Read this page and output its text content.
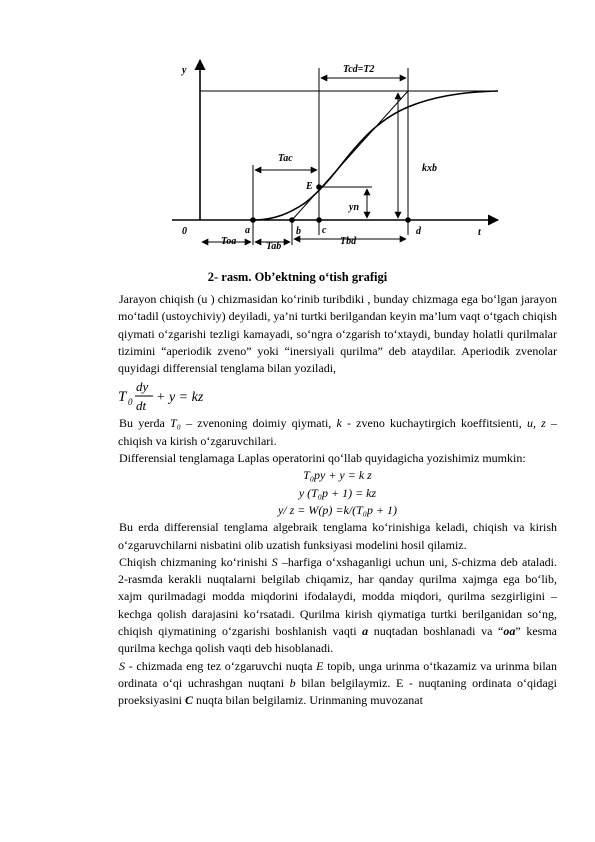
y
t
0
Tcd=T2
Tac
kxb
E
yn
a	b c	d
Toa	Tab	Tbd
2- rasm. Ob’ektning o‘tish grafigi

Jarayon chiqish (u ) chizmasidan ko‘rinib turibdiki , bunday chizmaga ega bo‘lgan jarayon mo‘tadil (ustoychiviy) deyiladi, ya’ni turtki berilgandan keyin ma’lum vaqt o‘tgach chiqish qiymati o‘zgarishi tezligi kamayadi, so‘ngra o‘zgarish to‘xtaydi, bunday holatli qurilmalar tizimini “aperiodik zveno” yoki “inersiyali qurilma” deb ataydilar. Aperiodik zvenolar quyidagi differensial tenglama bilan yoziladi,

T 0
dy
dt
+ y = kz

Bu yerda T₀ – zvenoning doimiy qiymati, k - zveno kuchaytirgich koeffitsienti, u, z – chiqish va kirish o‘zgaruvchilari.

Differensial tenglamaga Laplas operatorini qo‘llab quyidagicha yozishimiz mumkin:

T₀py + y = k z

y (T₀p + 1) = kz

y/ z = W(p) =k/(T₀p + 1)

Bu erda differensial tenglama algebraik tenglama ko‘rinishiga keladi, chiqish va kirish o‘zgaruvchilarni nisbatini olib uzatish funksiyasi modelini hosil qilamiz.

Chiqish chizmaning ko‘rinishi S –harfiga o‘xshaganligi uchun uni, S-chizma deb ataladi. 2-rasmda kerakli nuqtalarni belgilab chiqamiz, har qanday qurilma xajmga ega bo‘lib, xajm qurilmadagi modda miqdorini ifodalaydi, modda miqdori, qurilma sezgirligini – kechga qolish darajasini ko‘rsatadi. Qurilma kirish qiymatiga turtki berilganidan so‘ng, chiqish qiymatining o‘zgarishi boshlanish vaqti a nuqtadan boshlanadi va “oa” kesma qurilma kechga qolish vaqti deb hisoblanadi.

S - chizmada eng tez o‘zgaruvchi nuqta E topib, unga urinma o‘tkazamiz va urinma bilan ordinata o‘qi uchrashgan nuqtani b bilan belgilaymiz. E - nuqtaning ordinata o‘qidagi proeksiyasini C nuqta bilan belgilamiz. Urinmaning muvozanat
